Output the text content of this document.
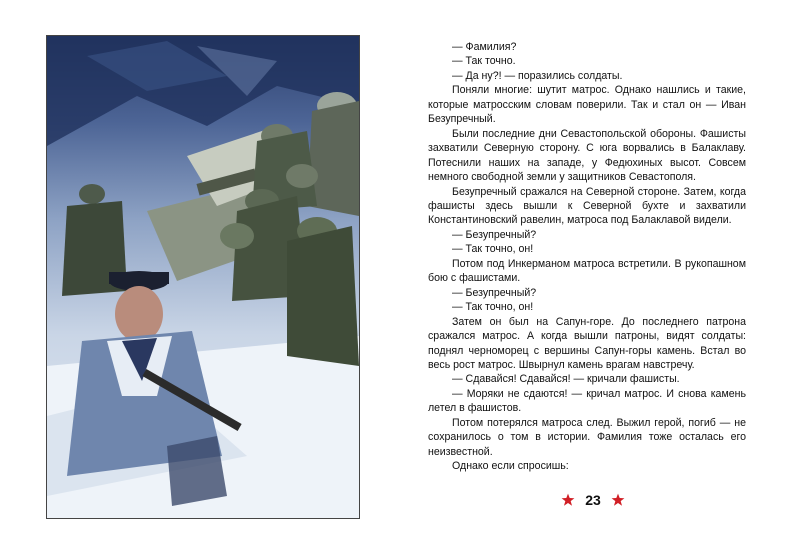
— Фамилия?

— Так точно.

— Да ну?! — поразились солдаты.

Поняли многие: шутит матрос. Однако нашлись и такие, которые матросским словам поверили. Так и стал он — Иван Безупречный.

Были последние дни Севастопольской обороны. Фашисты захватили Северную сторону. С юга ворвались в Балаклаву. Потеснили наших на западе, у Федюхиных высот. Совсем немного свободной земли у защитников Севастополя.

Безупречный сражался на Северной стороне. Затем, когда фашисты здесь вышли к Северной бухте и захватили Константиновский равелин, матроса под Балаклавой видели.

— Безупречный?

— Так точно, он!

Потом под Инкерманом матроса встретили. В рукопашном бою с фашистами.

— Безупречный?

— Так точно, он!

Затем он был на Сапун-горе. До последнего патрона сражался матрос. А когда вышли патроны, видят солдаты: поднял черноморец с вершины Сапун-горы камень. Встал во весь рост матрос. Швырнул камень врагам навстречу.

— Сдавайся! Сдавайся! — кричали фашисты.

— Моряки не сдаются! — кричал матрос. И снова камень летел в фашистов.

Потом потерялся матроса след. Выжил герой, погиб — не сохранилось о том в истории. Фамилия тоже осталась его неизвестной.

Однако если спросишь:

23
